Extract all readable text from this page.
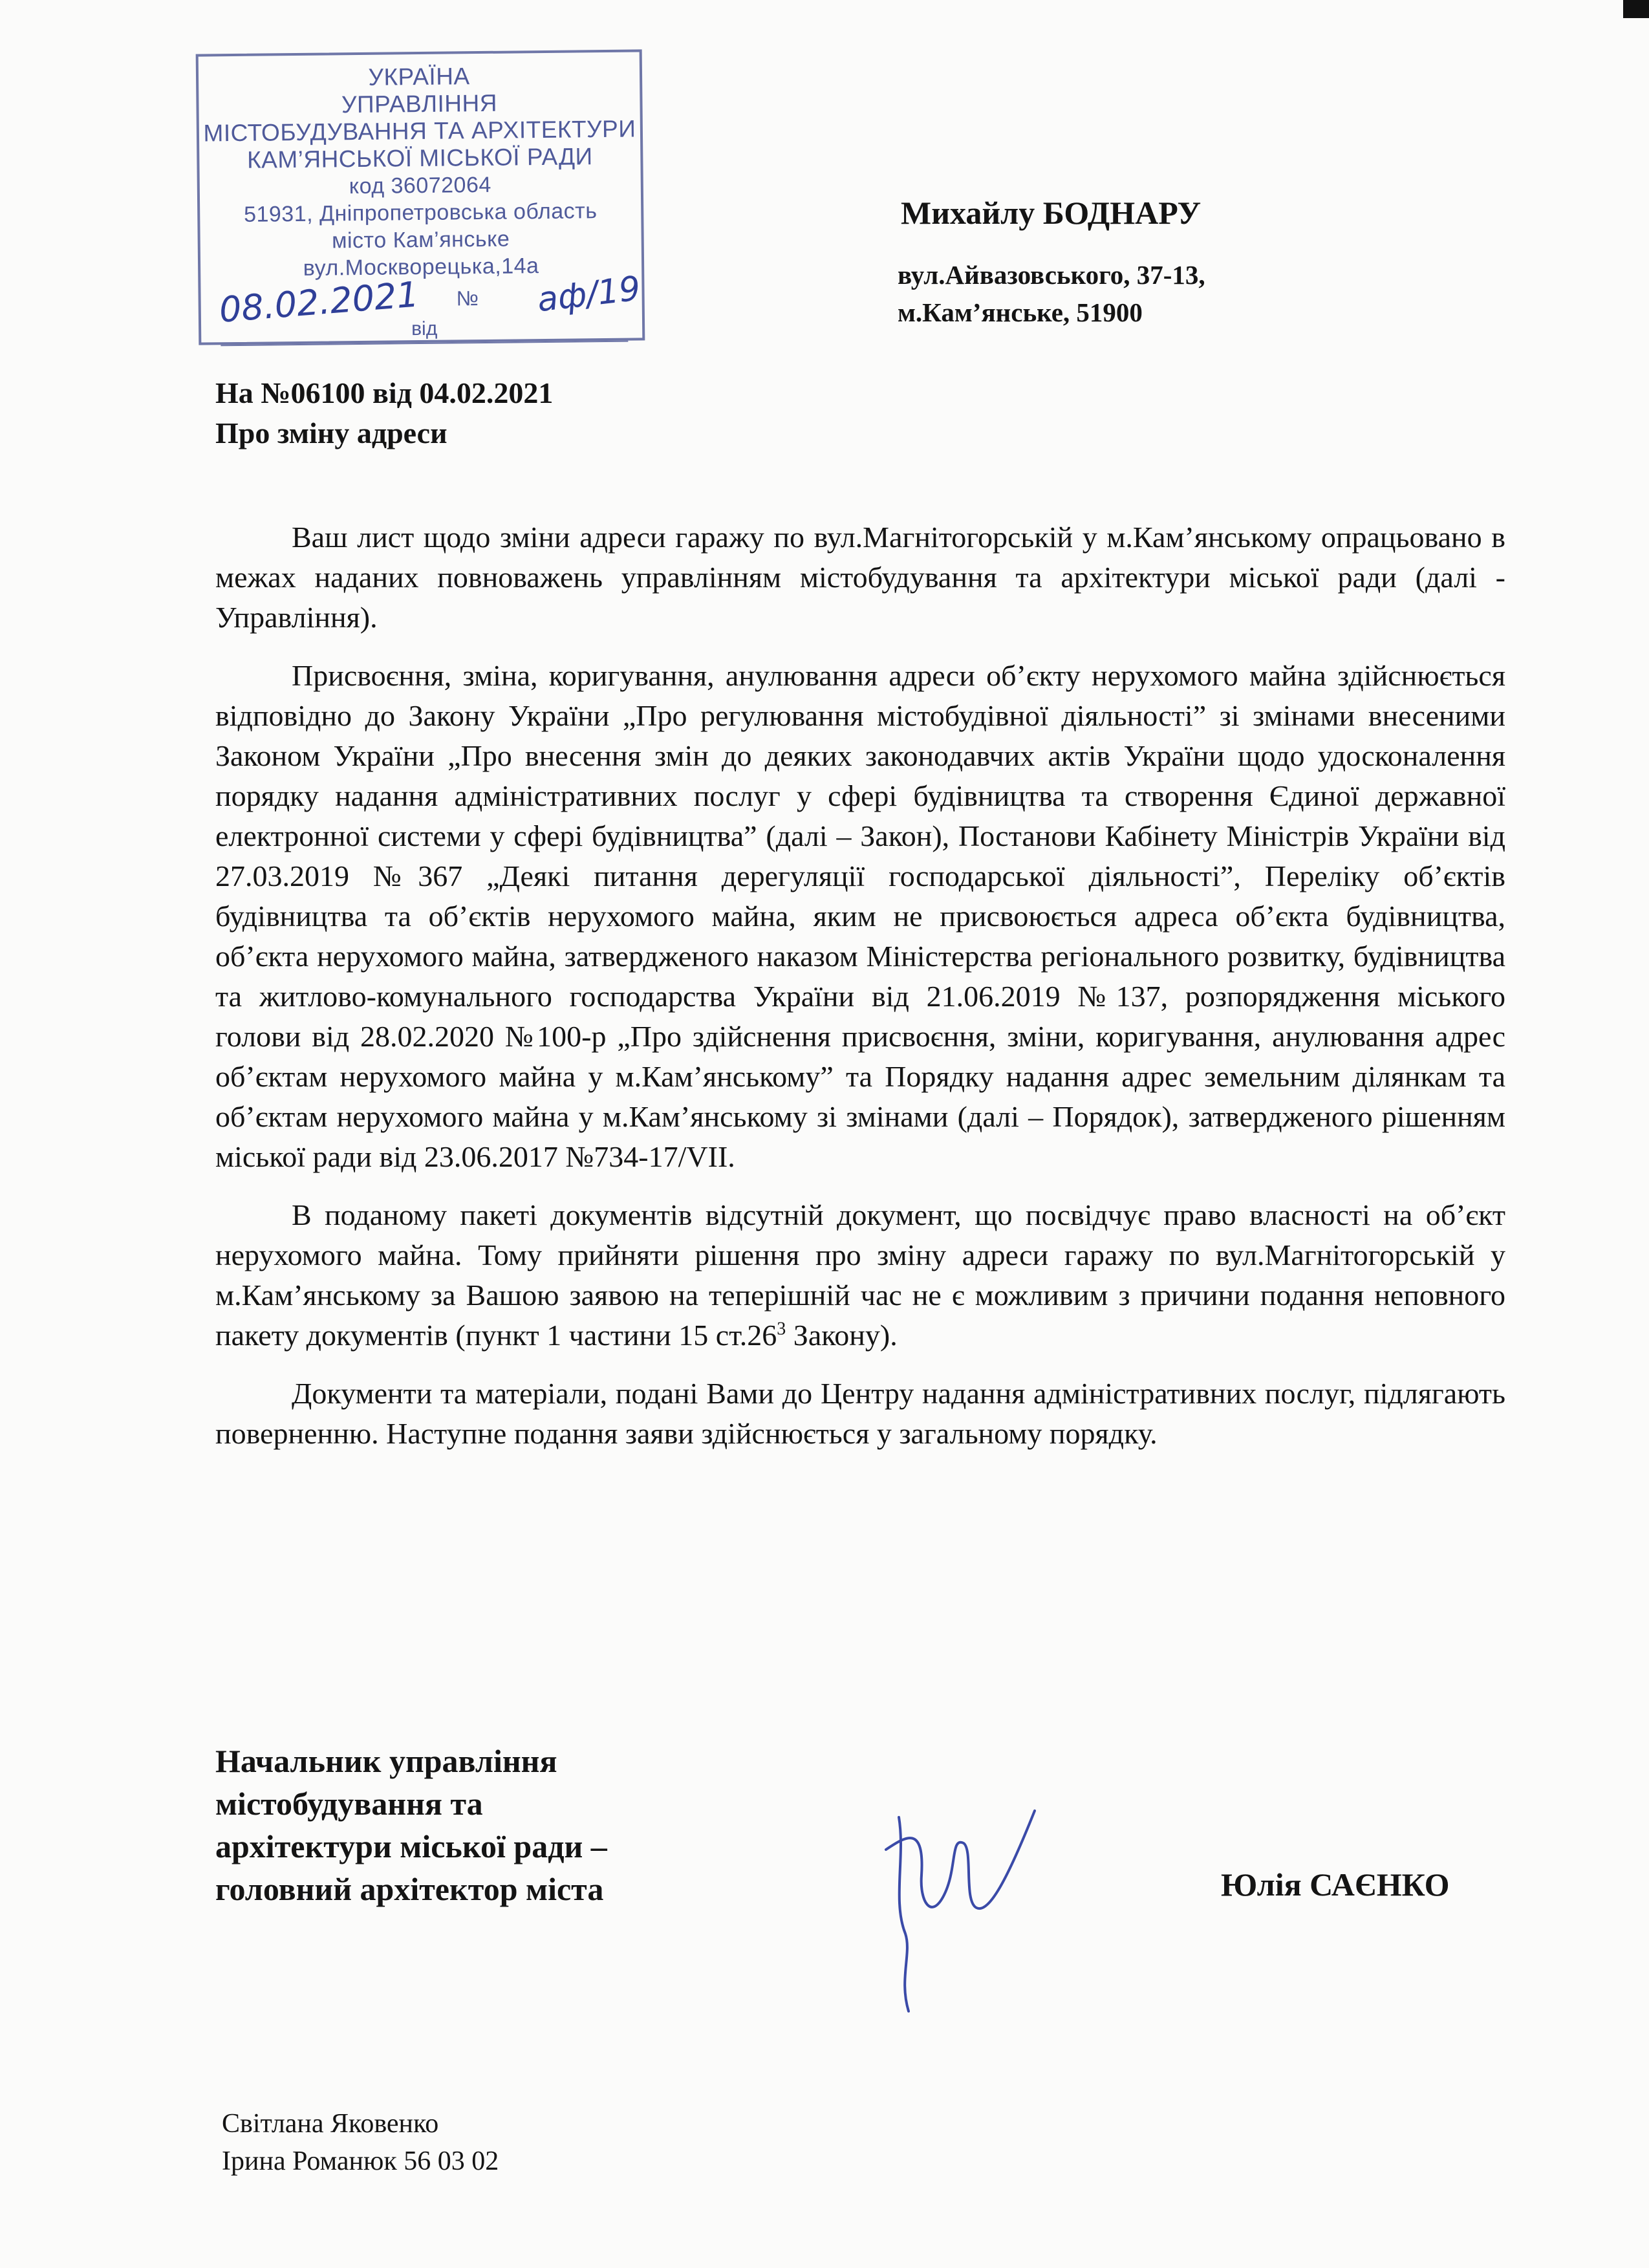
УКРАЇНА
УПРАВЛІННЯ
МІСТОБУДУВАННЯ ТА АРХІТЕКТУРИ
КАМ’ЯНСЬКОЇ МІСЬКОЇ РАДИ
код 36072064
51931, Дніпропетровська область
місто Кам’янське
вул.Москворецька,14а
08.02.2021 № аф/19
від
Михайлу БОДНАРУ
вул.Айвазовського, 37-13,
м.Кам’янське, 51900
На №06100 від 04.02.2021
Про зміну адреси

Ваш лист щодо зміни адреси гаражу по вул.Магнітогорській у м.Кам’янському опрацьовано в межах наданих повноважень управлінням містобудування та архітектури міської ради (далі - Управління).

Присвоєння, зміна, коригування, анулювання адреси об’єкту нерухомого майна здійснюється відповідно до Закону України „Про регулювання містобудівної діяльності” зі змінами внесеними Законом України „Про внесення змін до деяких законодавчих актів України щодо удосконалення порядку надання адміністративних послуг у сфері будівництва та створення Єдиної державної електронної системи у сфері будівництва” (далі – Закон), Постанови Кабінету Міністрів України від 27.03.2019 №367 „Деякі питання дерегуляції господарської діяльності”, Переліку об’єктів будівництва та об’єктів нерухомого майна, яким не присвоюється адреса об’єкта будівництва, об’єкта нерухомого майна, затвердженого наказом Міністерства регіонального розвитку, будівництва та житлово-комунального господарства України від 21.06.2019 №137, розпорядження міського голови від 28.02.2020 №100-р „Про здійснення присвоєння, зміни, коригування, анулювання адрес об’єктам нерухомого майна у м.Кам’янському” та Порядку надання адрес земельним ділянкам та об’єктам нерухомого майна у м.Кам’янському зі змінами (далі – Порядок), затвердженого рішенням міської ради від 23.06.2017 №734-17/VII.

В поданому пакеті документів відсутній документ, що посвідчує право власності на об’єкт нерухомого майна. Тому прийняти рішення про зміну адреси гаражу по вул.Магнітогорській у м.Кам’янському за Вашою заявою на теперішній час не є можливим з причини подання неповного пакету документів (пункт 1 частини 15 $ст.26^3$ Закону).

Документи та матеріали, подані Вами до Центру надання адміністративних послуг, підлягають поверненню. Наступне подання заяви здійснюється у загальному порядку.

Начальник управління
містобудування та
архітектури міської ради –
головний архітектор міста	Юлія САЄНКО
Світлана Яковенко
Ірина Романюк 56 03 02
